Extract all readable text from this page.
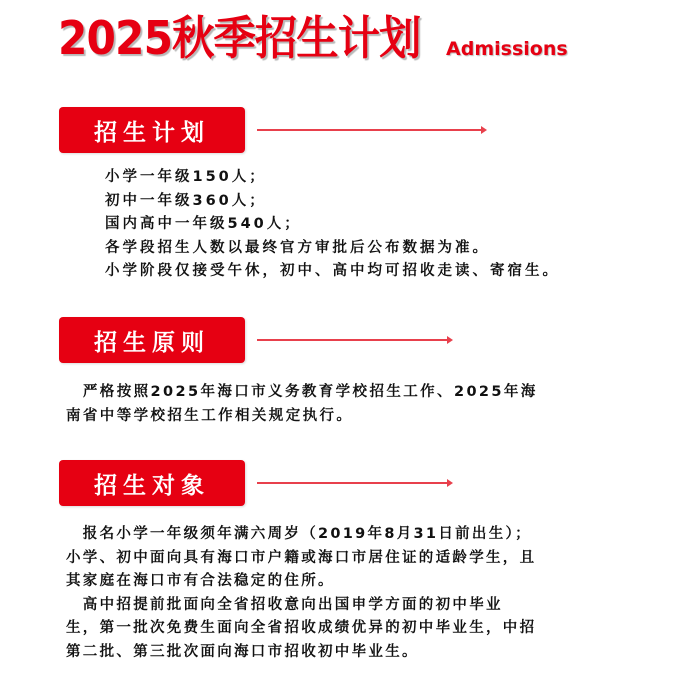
2025秋季招生计划 Admissions
招生计划
小学一年级150人；
初中一年级360人；
国内高中一年级540人；
各学段招生人数以最终官方审批后公布数据为准。
小学阶段仅接受午休，初中、高中均可招收走读、寄宿生。
招生原则
　严格按照2025年海口市义务教育学校招生工作、2025年海
南省中等学校招生工作相关规定执行。
招生对象
　报名小学一年级须年满六周岁（2019年8月31日前出生）；
小学、初中面向具有海口市户籍或海口市居住证的适龄学生，且
其家庭在海口市有合法稳定的住所。
　高中招提前批面向全省招收意向出国申学方面的初中毕业
生，第一批次免费生面向全省招收成绩优异的初中毕业生，中招
第二批、第三批次面向海口市招收初中毕业生。
